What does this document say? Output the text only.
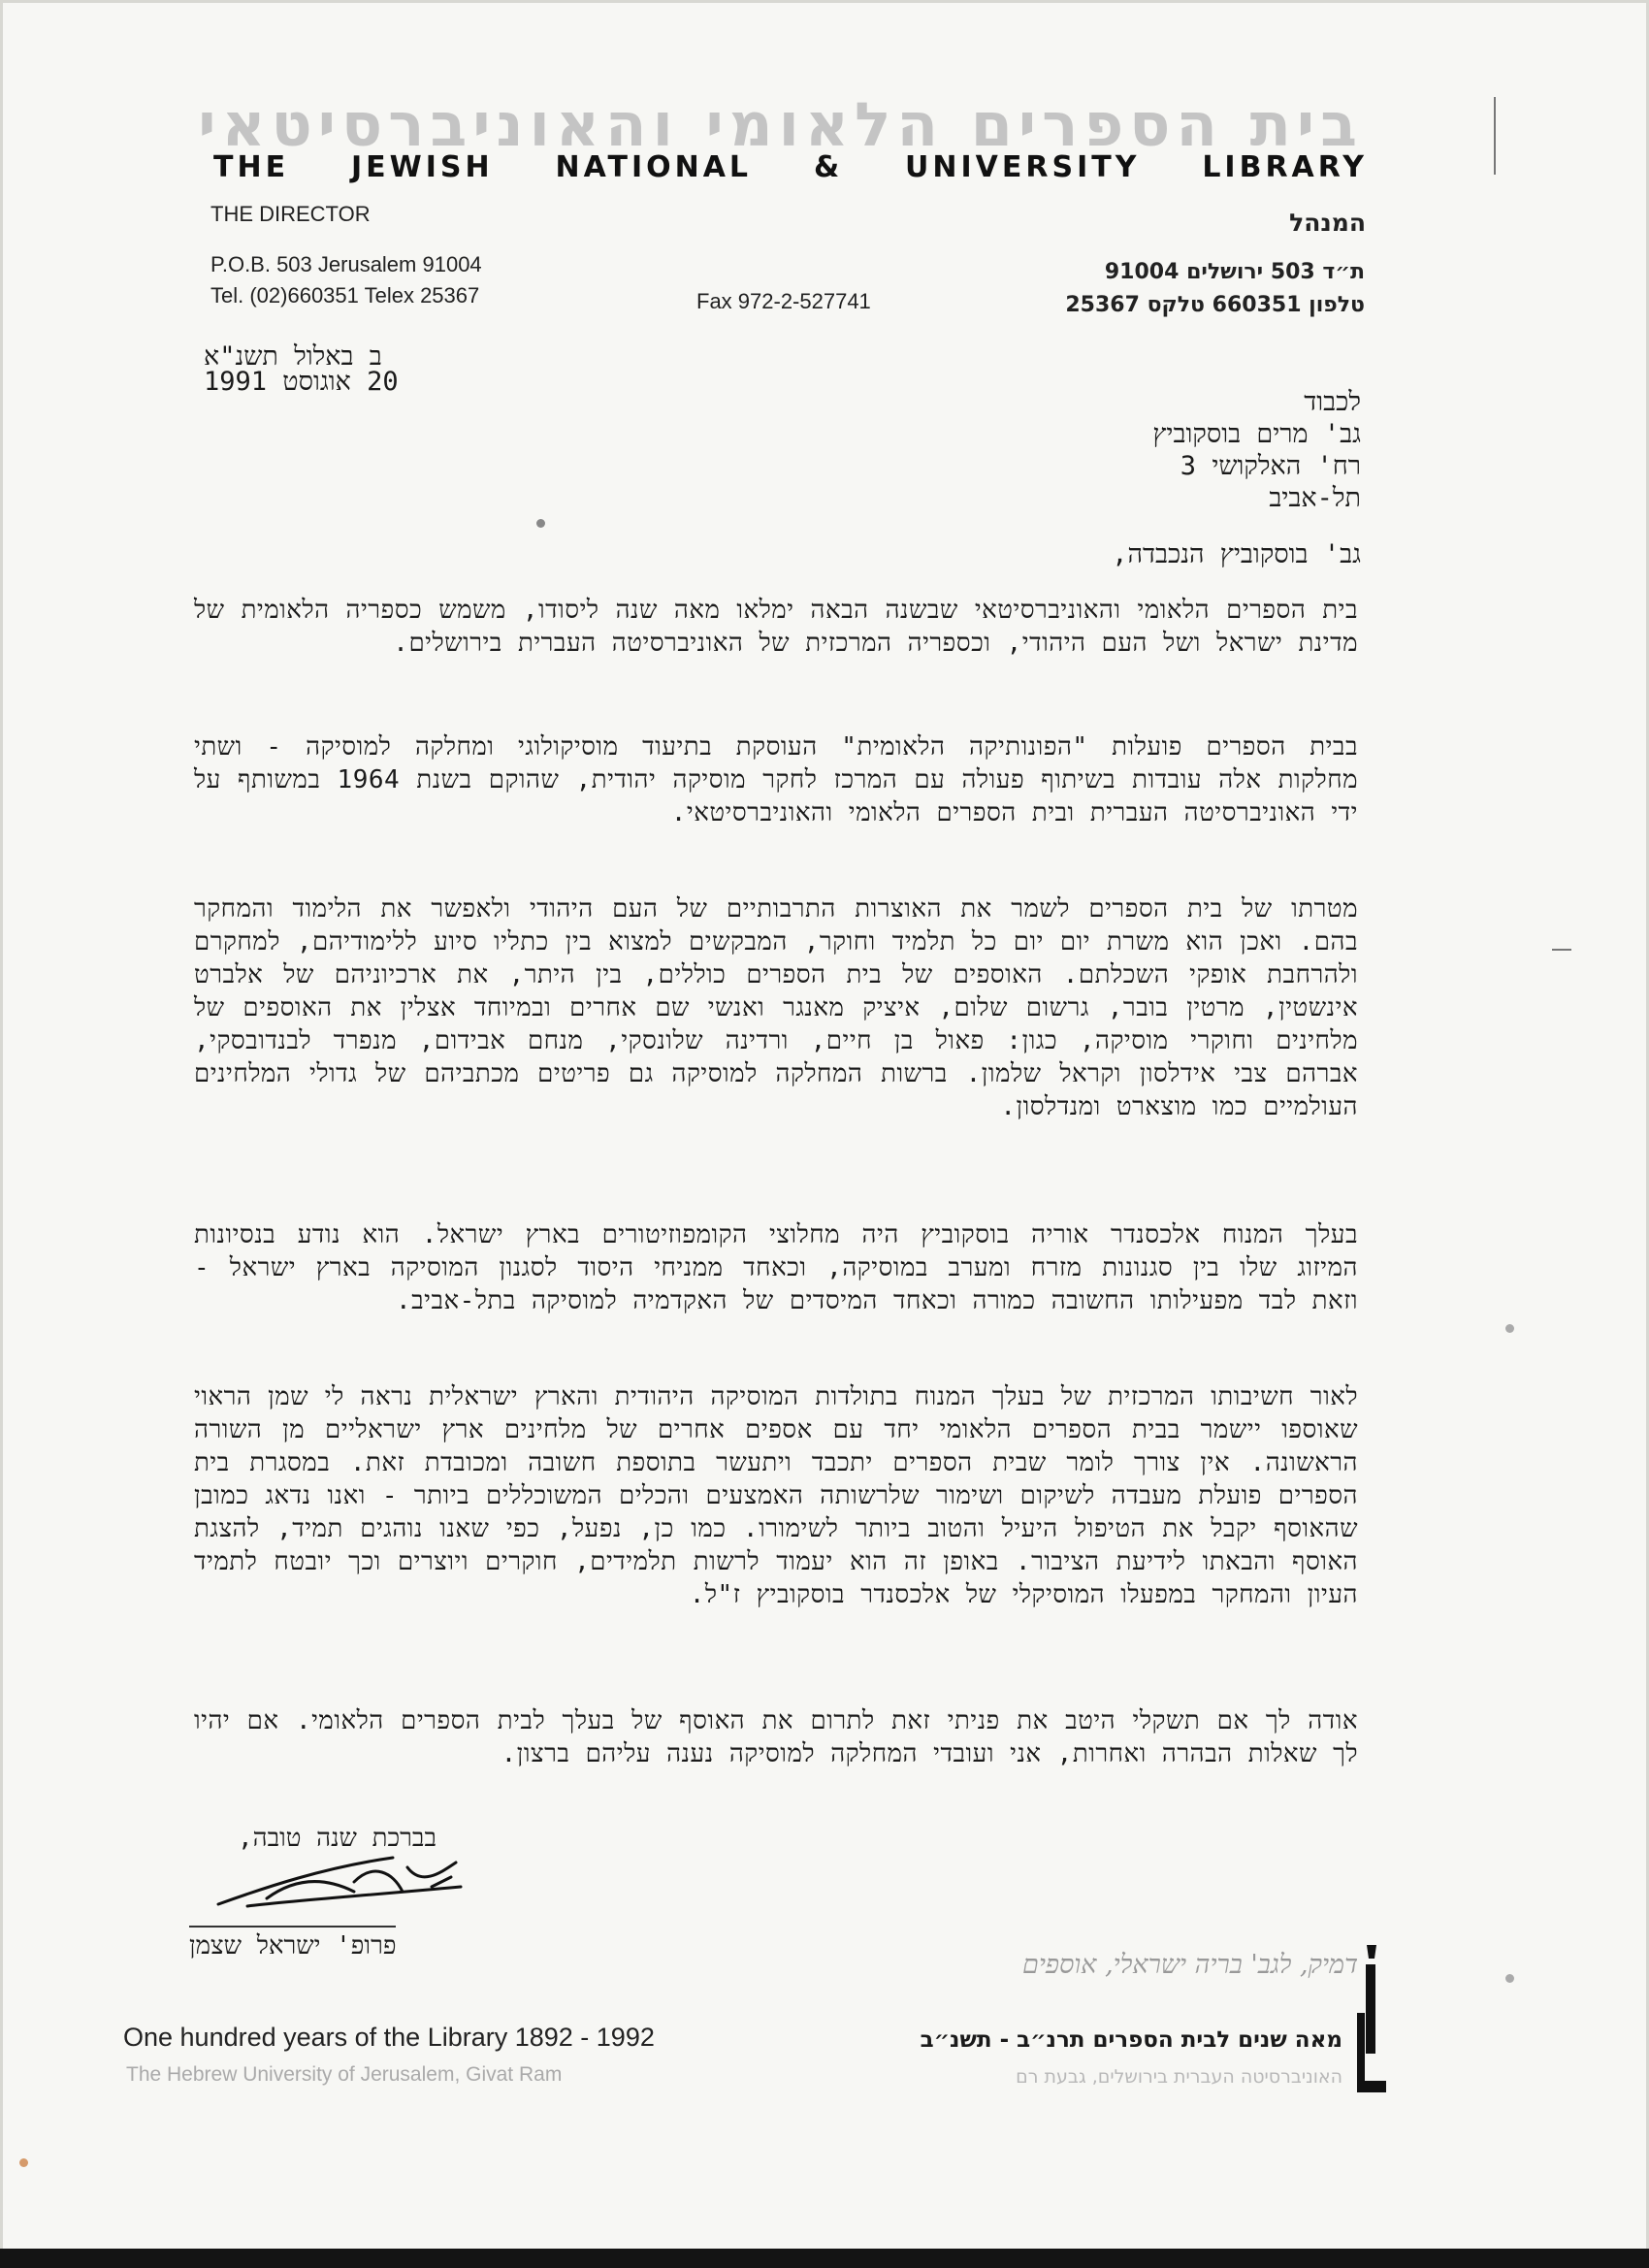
בית הספרים הלאומי והאוניברסיטאי
THE JEWISH NATIONAL & UNIVERSITY LIBRARY
THE DIRECTOR	המנהל
P.O.B. 503 Jerusalem 91004
Tel. (02)660351 Telex 25367	Fax 972-2-527741
ת״ד 503 ירושלים 91004
טלפון 660351 טלקס 25367
ב באלול תשנ"א
20 אוגוסט 1991
לכבוד
גב' מרים בוסקוביץ
רח' האלקושי 3
תל-אביב
גב' בוסקוביץ הנכבדה,
בית הספרים הלאומי והאוניברסיטאי שבשנה הבאה ימלאו מאה שנה ליסודו, משמש כספריה הלאומית של מדינת ישראל ושל העם היהודי, וכספריה המרכזית של האוניברסיטה העברית בירושלים.
בבית הספרים פועלות "הפונותיקה הלאומית" העוסקת בתיעוד מוסיקולוגי ומחלקה למוסיקה - ושתי מחלקות אלה עובדות בשיתוף פעולה עם המרכז לחקר מוסיקה יהודית, שהוקם בשנת 1964 במשותף על ידי האוניברסיטה העברית ובית הספרים הלאומי והאוניברסיטאי.
מטרתו של בית הספרים לשמר את האוצרות התרבותיים של העם היהודי ולאפשר את הלימוד והמחקר בהם. ואכן הוא משרת יום יום כל תלמיד וחוקר, המבקשים למצוא בין כתליו סיוע ללימודיהם, למחקרם ולהרחבת אופקי השכלתם. האוספים של בית הספרים כוללים, בין היתר, את ארכיוניהם של אלברט אינשטין, מרטין בובר, גרשום שלום, איציק מאנגר ואנשי שם אחרים ובמיוחד אצלין את האוספים של מלחינים וחוקרי מוסיקה, כגון: פאול בן חיים, ורדינה שלונסקי, מנחם אבידום, מנפרד לבנדובסקי, אברהם צבי אידלסון וקראל שלמון. ברשות המחלקה למוסיקה גם פריטים מכתביהם של גדולי המלחינים העולמיים כמו מוצארט ומנדלסון.
בעלך המנוח אלכסנדר אוריה בוסקוביץ היה מחלוצי הקומפוזיטורים בארץ ישראל. הוא נודע בנסיונות המיזוג שלו בין סגנונות מזרח ומערב במוסיקה, וכאחד ממניחי היסוד לסגנון המוסיקה בארץ ישראל - וזאת לבד מפעילותו החשובה כמורה וכאחד המיסדים של האקדמיה למוסיקה בתל-אביב.
לאור חשיבותו המרכזית של בעלך המנוח בתולדות המוסיקה היהודית והארץ ישראלית נראה לי שמן הראוי שאוספו יישמר בבית הספרים הלאומי יחד עם אספים אחרים של מלחינים ארץ ישראליים מן השורה הראשונה. אין צורך לומר שבית הספרים יתכבד ויתעשר בתוספת חשובה ומכובדת זאת. במסגרת בית הספרים פועלת מעבדה לשיקום ושימור שלרשותה האמצעים והכלים המשוכללים ביותר - ואנו נדאג כמובן שהאוסף יקבל את הטיפול היעיל והטוב ביותר לשימורו. כמו כן, נפעל, כפי שאנו נוהגים תמיד, להצגת האוסף והבאתו לידיעת הציבור. באופן זה הוא יעמוד לרשות תלמידים, חוקרים ויוצרים וכך יובטח לתמיד העיון והמחקר במפעלו המוסיקלי של אלכסנדר בוסקוביץ ז"ל.
אודה לך אם תשקלי היטב את פניתי זאת לתרום את האוסף של בעלך לבית הספרים הלאומי. אם יהיו לך שאלות הבהרה ואחרות, אני ועובדי המחלקה למוסיקה נענה עליהם ברצון.
בברכת שנה טובה,
פרופ' ישראל שצמן
דמיק, לגב' בריה ישראלי, אוספים
One hundred years of the Library 1892 - 1992
The Hebrew University of Jerusalem, Givat Ram
מאה שנים לבית הספרים תרנ״ב - תשנ״ב
האוניברסיטה העברית בירושלים, גבעת רם
